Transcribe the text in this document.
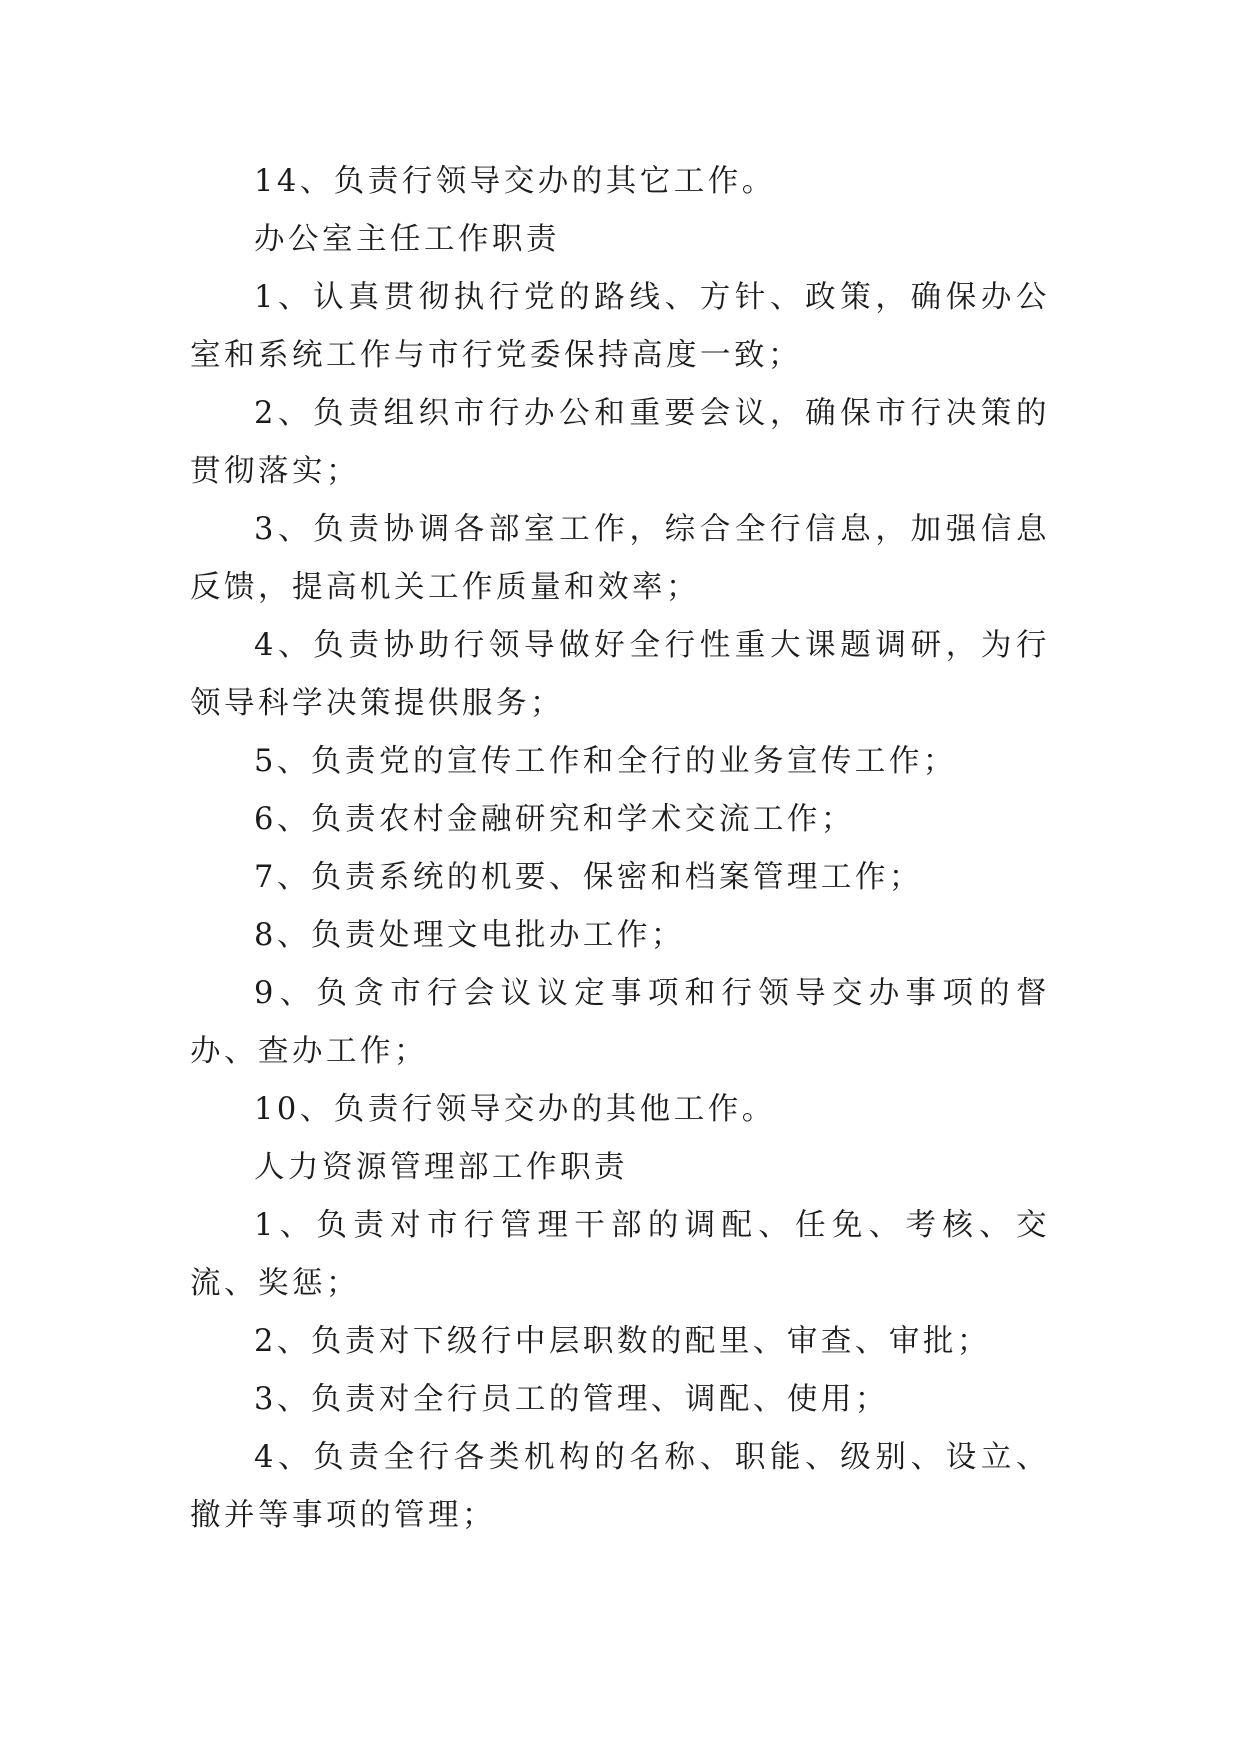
14、负责行领导交办的其它工作。

办公室主任工作职责

1、认真贯彻执行党的路线、方针、政策，确保办公室和系统工作与市行党委保持高度一致；

2、负责组织市行办公和重要会议，确保市行决策的贯彻落实；

3、负责协调各部室工作，综合全行信息，加强信息反馈，提高机关工作质量和效率；

4、负责协助行领导做好全行性重大课题调研，为行领导科学决策提供服务；

5、负责党的宣传工作和全行的业务宣传工作；

6、负责农村金融研究和学术交流工作；

7、负责系统的机要、保密和档案管理工作；

8、负责处理文电批办工作；

9、负贪市行会议议定事项和行领导交办事项的督办、查办工作；

10、负责行领导交办的其他工作。

人力资源管理部工作职责

1、负责对市行管理干部的调配、任免、考核、交流、奖惩；

2、负责对下级行中层职数的配里、审查、审批；

3、负责对全行员工的管理、调配、使用；

4、负责全行各类机构的名称、职能、级别、设立、撤并等事项的管理；
